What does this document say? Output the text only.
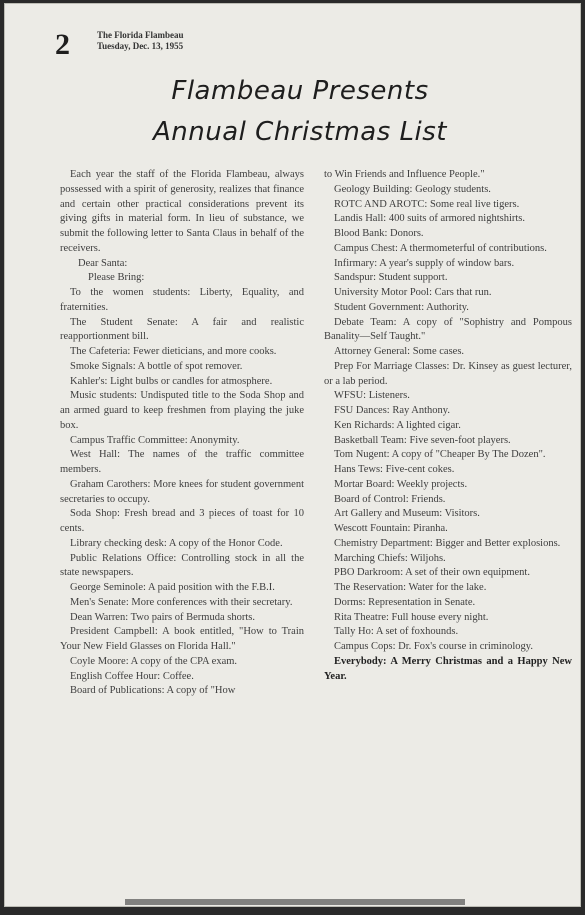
2	The Florida Flambeau
Tuesday, Dec. 13, 1955
Flambeau Presents
Annual Christmas List

Each year the staff of the Florida Flambeau, always possessed with a spirit of generosity, realizes that finance and certain other practical considerations prevent its giving gifts in material form. In lieu of substance, we submit the following letter to Santa Claus in behalf of the receivers.

Dear Santa:

Please Bring:

To the women students: Liberty, Equality, and fraternities.

The Student Senate: A fair and realistic reapportionment bill.

The Cafeteria: Fewer dieticians, and more cooks.

Smoke Signals: A bottle of spot remover.

Kahler's: Light bulbs or candles for atmosphere.

Music students: Undisputed title to the Soda Shop and an armed guard to keep freshmen from playing the juke box.

Campus Traffic Committee: Anonymity.

West Hall: The names of the traffic committee members.

Graham Carothers: More knees for student government secretaries to occupy.

Soda Shop: Fresh bread and 3 pieces of toast for 10 cents.

Library checking desk: A copy of the Honor Code.

Public Relations Office: Controlling stock in all the state newspapers.

George Seminole: A paid position with the F.B.I.

Men's Senate: More conferences with their secretary.

Dean Warren: Two pairs of Bermuda shorts.

President Campbell: A book entitled, "How to Train Your New Field Glasses on Florida Hall."

Coyle Moore: A copy of the CPA exam.

English Coffee Hour: Coffee.

Board of Publications: A copy of "How

to Win Friends and Influence People."

Geology Building: Geology students.

ROTC AND AROTC: Some real live tigers.

Landis Hall: 400 suits of armored nightshirts.

Blood Bank: Donors.

Campus Chest: A thermometerful of contributions.

Infirmary: A year's supply of window bars.

Sandspur: Student support.

University Motor Pool: Cars that run.

Student Government: Authority.

Debate Team: A copy of "Sophistry and Pompous Banality—Self Taught."

Attorney General: Some cases.

Prep For Marriage Classes: Dr. Kinsey as guest lecturer, or a lab period.

WFSU: Listeners.

FSU Dances: Ray Anthony.

Ken Richards: A lighted cigar.

Basketball Team: Five seven-foot players.

Tom Nugent: A copy of "Cheaper By The Dozen".

Hans Tews: Five-cent cokes.

Mortar Board: Weekly projects.

Board of Control: Friends.

Art Gallery and Museum: Visitors.

Wescott Fountain: Piranha.

Chemistry Department: Bigger and Better explosions.

Marching Chiefs: Wiljohs.

PBO Darkroom: A set of their own equipment.

The Reservation: Water for the lake.

Dorms: Representation in Senate.

Rita Theatre: Full house every night.

Tally Ho: A set of foxhounds.

Campus Cops: Dr. Fox's course in criminology.

Everybody: A Merry Christmas and a Happy New Year.
